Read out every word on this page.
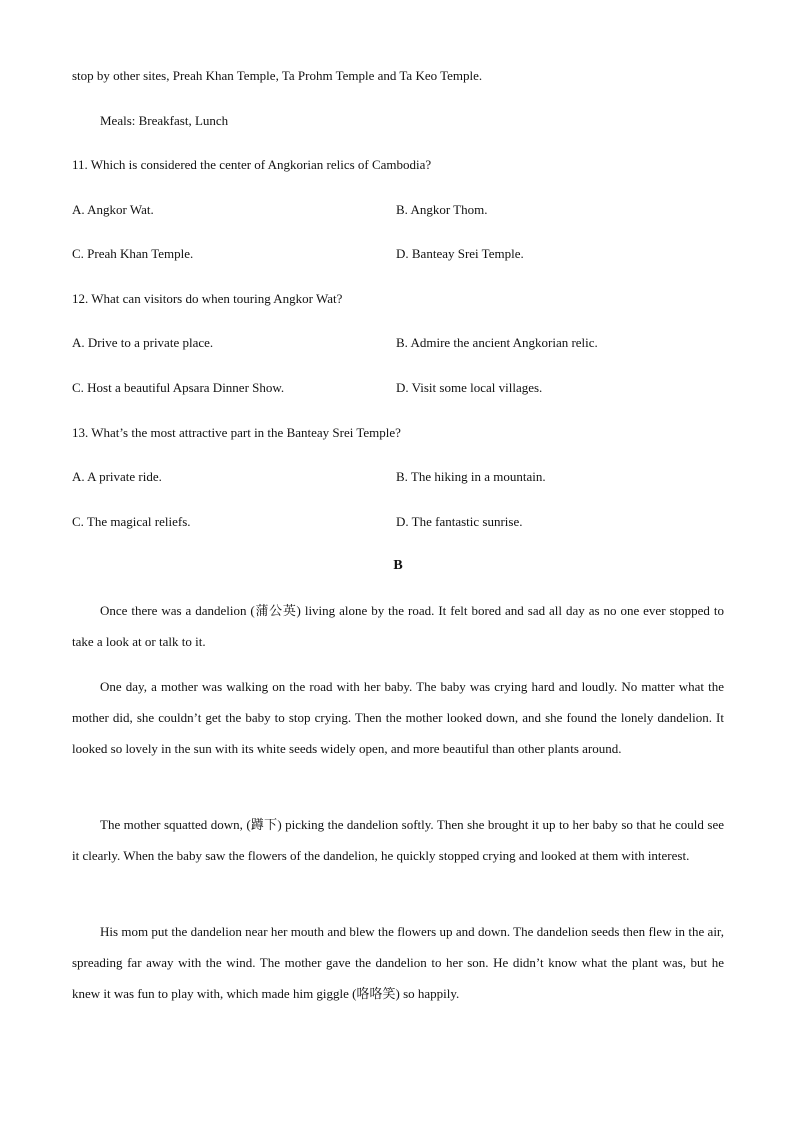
stop by other sites, Preah Khan Temple, Ta Prohm Temple and Ta Keo Temple.
Meals: Breakfast, Lunch
11. Which is considered the center of Angkorian relics of Cambodia?
A. Angkor Wat.	B. Angkor Thom.
C. Preah Khan Temple.	D. Banteay Srei Temple.
12. What can visitors do when touring Angkor Wat?
A. Drive to a private place.	B. Admire the ancient Angkorian relic.
C. Host a beautiful Apsara Dinner Show.	D. Visit some local villages.
13. What’s the most attractive part in the Banteay Srei Temple?
A. A private ride.	B. The hiking in a mountain.
C. The magical reliefs.	D. The fantastic sunrise.
B

Once there was a dandelion (蒲公英) living alone by the road. It felt bored and sad all day as no one ever stopped to take a look at or talk to it.

One day, a mother was walking on the road with her baby. The baby was crying hard and loudly. No matter what the mother did, she couldn’t get the baby to stop crying. Then the mother looked down, and she found the lonely dandelion. It looked so lovely in the sun with its white seeds widely open, and more beautiful than other plants around.

The mother squatted down, (蹲下) picking the dandelion softly. Then she brought it up to her baby so that he could see it clearly. When the baby saw the flowers of the dandelion, he quickly stopped crying and looked at them with interest.

His mom put the dandelion near her mouth and blew the flowers up and down. The dandelion seeds then flew in the air, spreading far away with the wind. The mother gave the dandelion to her son. He didn’t know what the plant was, but he knew it was fun to play with, which made him giggle (咯咯笑) so happily.
